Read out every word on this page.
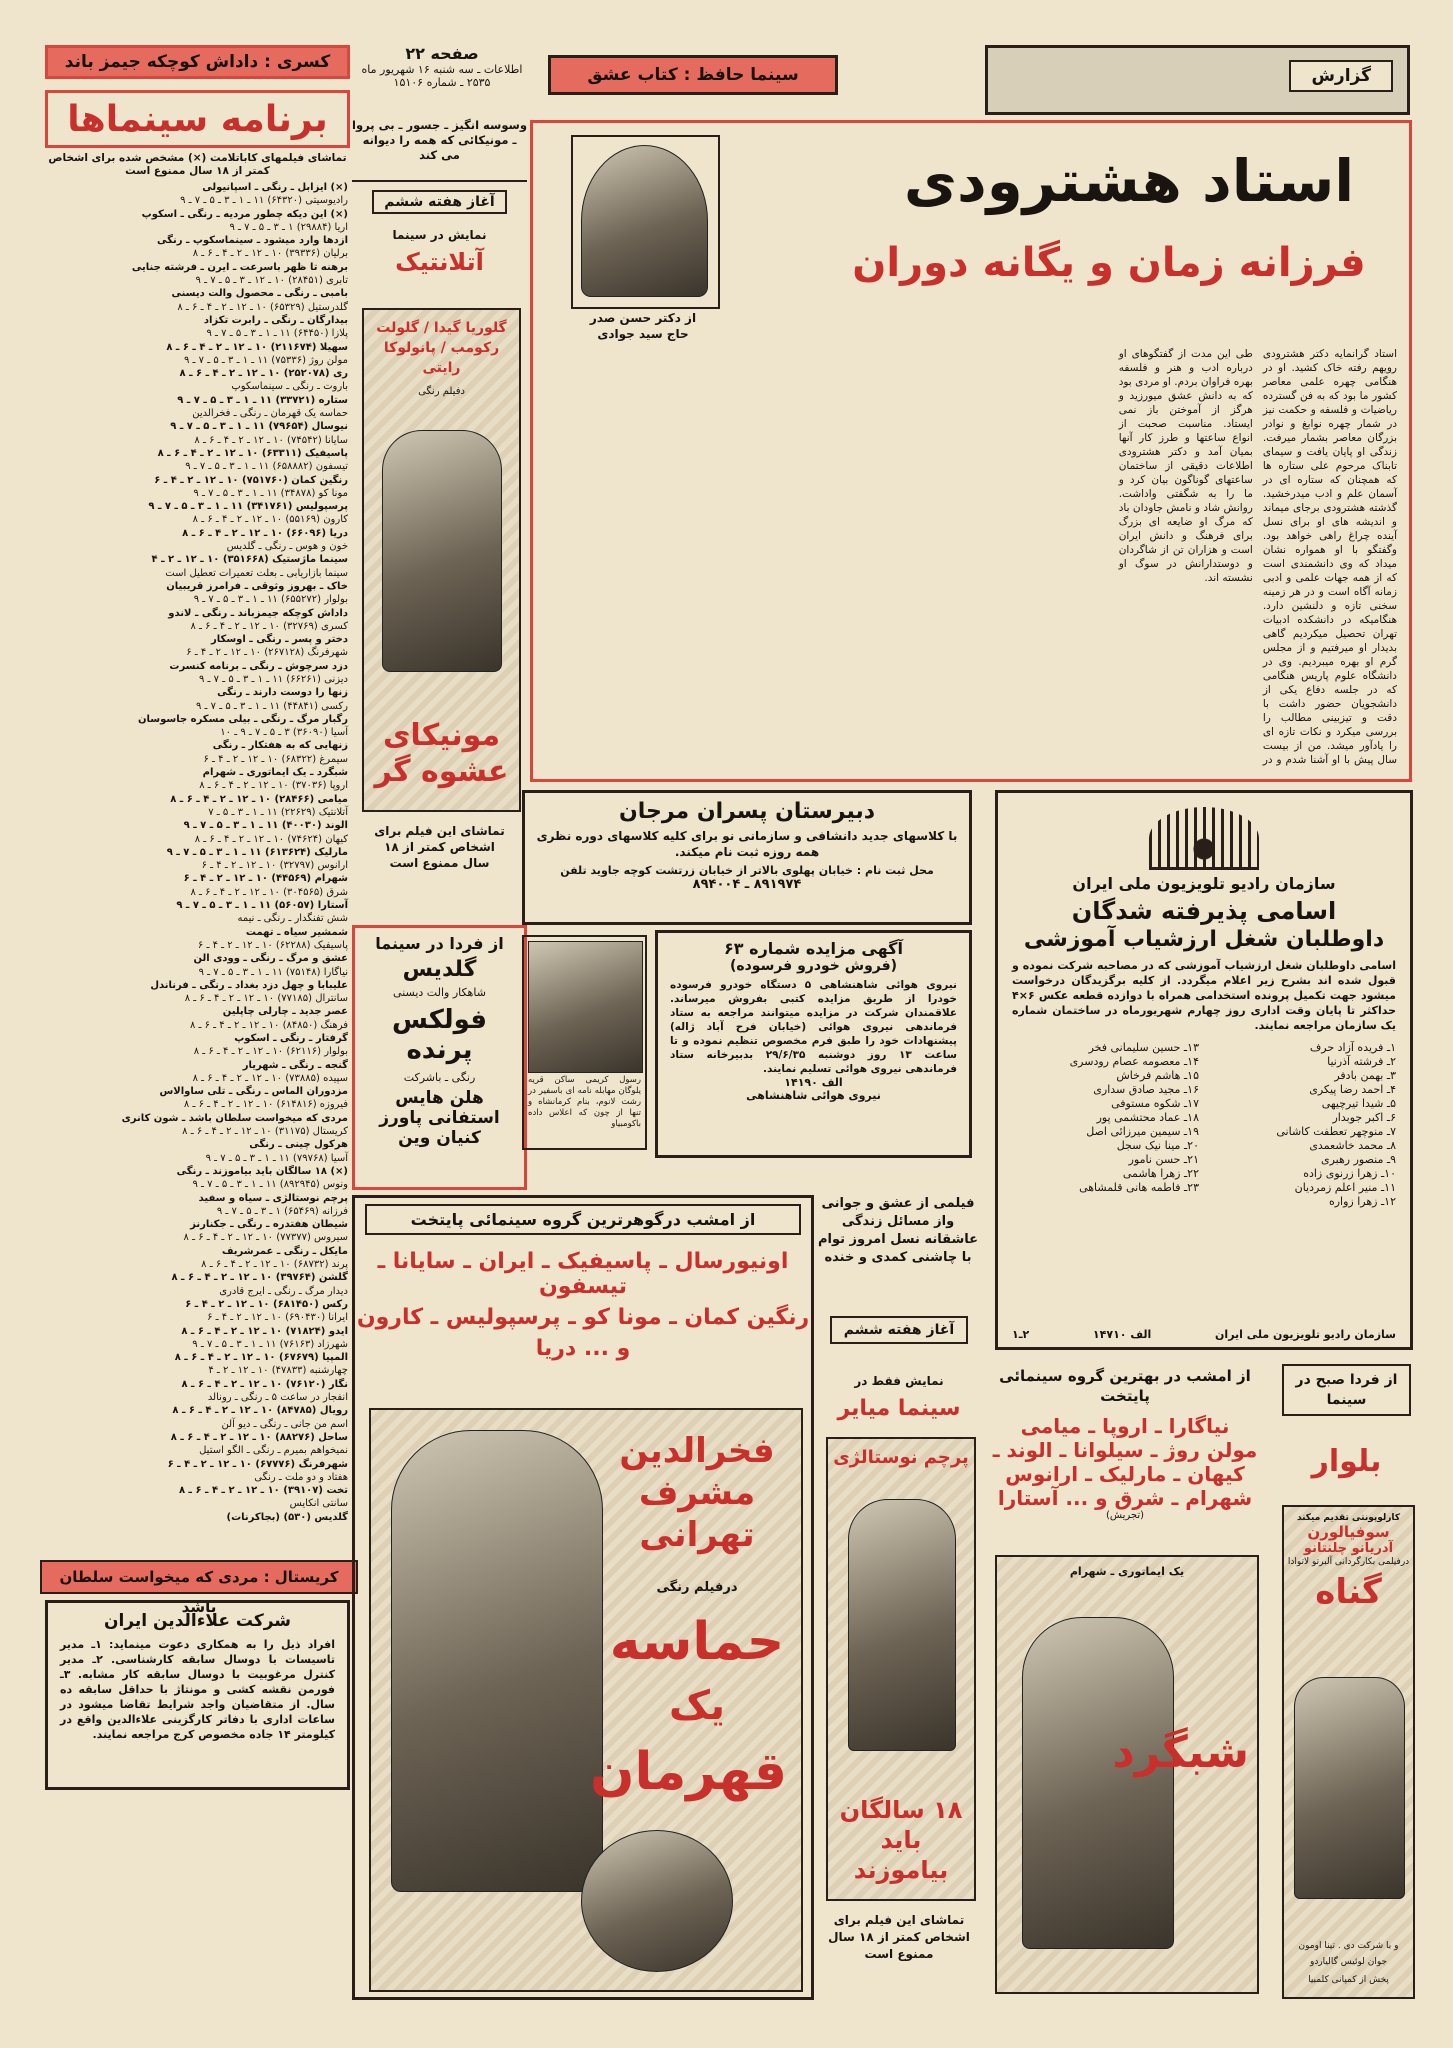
کسری : داداش کوچکه جیمز باند	صفحه ۲۲
اطلاعات ـ سه شنبه ۱۶ شهریور ماه
۲۵۳۵ ـ شماره ۱۵۱۰۶	سینما حافظ : کتاب عشق	گزارش
برنامه سینماها
تماشای فیلمهای کاباتلامت (×) مشخص شده برای اشخاص کمتر از ۱۸ سال ممنوع است
(×) ایزابل ـ رنگی ـ اسپانیولی
رادیوسیتی (۶۴۳۲۰) ۱۱ ـ ۱ ـ ۳ ـ ۵ ـ ۷ ـ ۹
(×) این دیکه چطور مردیه ـ رنگی ـ اسکوپ
اریا (۲۹۸۸۴) ۱ ـ ۳ ـ ۵ ـ ۷ ـ ۹
ازدها وارد میشود ـ سینماسکوپ ـ رنگی
برلیان (۳۹۳۳۶) ۱۰ ـ ۱۲ ـ ۲ ـ ۴ ـ ۶ ـ ۸
برهنه تا ظهر باسرعت ـ ایرن ـ فرشته جنایی
تابری (۲۸۴۵۱) ۱۰ ـ ۱۲ ـ ۳ ـ ۵ ـ ۷ ـ ۹
بامبی ـ رنگی ـ محصول والت دیسنی
گلدرستیل (۶۵۳۲۹) ۱۰ ـ ۱۲ ـ ۲ ـ ۴ ـ ۶ ـ ۸
بیدارگان ـ رنگی ـ رابرت تکزاد
پلازا (۶۴۴۵۰) ۱۱ ـ ۱ ـ ۳ ـ ۵ ـ ۷ ـ ۹
سهیلا (۲۱۱۶۷۴) ۱۰ ـ ۱۲ ـ ۲ ـ ۴ ـ ۶ ـ ۸
مولن روژ (۷۵۳۳۶) ۱۱ ـ ۱ ـ ۳ ـ ۵ ـ ۷ ـ ۹
ری (۲۵۲۰۷۸) ۱۰ ـ ۱۲ ـ ۲ ـ ۴ ـ ۶ ـ ۸
باروت ـ رنگی ـ سینماسکوپ
ستاره (۳۳۷۲۱) ۱۱ ـ ۱ ـ ۳ ـ ۵ ـ ۷ ـ ۹
حماسه یک قهرمان ـ رنگی ـ فخرالدین
نیوسال (۷۹۶۵۴) ۱۱ ـ ۱ ـ ۳ ـ ۵ ـ ۷ ـ ۹
سایانا (۷۴۵۴۲) ۱۰ ـ ۱۲ ـ ۲ ـ ۴ ـ ۶ ـ ۸
پاسیفیک (۶۳۳۱۱) ۱۰ ـ ۱۲ ـ ۲ ـ ۴ ـ ۶ ـ ۸
تیسفون (۶۵۸۸۸۲) ۱۱ ـ ۱ ـ ۳ ـ ۵ ـ ۷ ـ ۹
رنگین کمان (۷۵۱۷۶۰) ۱۰ ـ ۱۲ ـ ۲ ـ ۴ ـ ۶
مونا کو (۳۴۸۷۸) ۱۱ ـ ۱ ـ ۳ ـ ۵ ـ ۷ ـ ۹
پرسپولیس (۳۴۱۷۶۱) ۱۱ ـ ۱ ـ ۳ ـ ۵ ـ ۷ ـ ۹
کارون (۵۵۱۶۹) ۱۰ ـ ۱۲ ـ ۲ ـ ۴ ـ ۶ ـ ۸
دریا (۶۶۰۹۶) ۱۰ ـ ۱۲ ـ ۲ ـ ۴ ـ ۶ ـ ۸
خون و هوس ـ رنگی ـ گلدیس
سینما ماژستیک (۳۵۱۶۶۸) ۱۰ ـ ۱۲ ـ ۲ ـ ۴
سینما بازاریابی ـ بعلت تعمیرات تعطیل است
خاک ـ بهروز وثوقی ـ فرامرز قریبیان
بولوار (۶۵۵۲۷۲) ۱۱ ـ ۱ ـ ۳ ـ ۵ ـ ۷ ـ ۹
داداش کوچکه جیمزباند ـ رنگی ـ لاندو
کسری (۳۲۷۶۹) ۱۰ ـ ۱۲ ـ ۲ ـ ۴ ـ ۶ ـ ۸
دختر و پسر ـ رنگی ـ اوسکار
شهرفرنگ (۲۶۷۱۲۸) ۱۰ ـ ۱۲ ـ ۲ ـ ۴ ـ ۶
دزد سرچوش ـ رنگی ـ برنامه کنسرت
دیزنی (۶۶۲۶۱) ۱۱ ـ ۱ ـ ۳ ـ ۵ ـ ۷ ـ ۹
زنها را دوست دارند ـ رنگی
رکسی (۴۴۸۴۱) ۱۱ ـ ۱ ـ ۳ ـ ۵ ـ ۷ ـ ۹
رگبار مرگ ـ رنگی ـ بیلی مسکره جاسوسان
آسیا (۳۶۰۹۰) ۳ ـ ۵ ـ ۷ ـ ۹ ـ ۱۰
زنهایی که به هفتکار ـ رنگی
سیمرغ (۶۸۳۲۲) ۱۰ ـ ۱۲ ـ ۲ ـ ۴ ـ ۶
شبگرد ـ یک ایماتوری ـ شهرام
اروپا (۳۷۰۳۶) ۱۰ ـ ۱۲ ـ ۲ ـ ۴ ـ ۶ ـ ۸
میامی (۲۸۴۶۶) ۱۰ ـ ۱۲ ـ ۲ ـ ۴ ـ ۶ ـ ۸
آتلانتیک (۲۲۶۲۹) ۱۱ ـ ۱ ـ ۳ ـ ۵ ـ ۷
الوند (۴۰۰۳۰) ۱۱ ـ ۱ ـ ۳ ـ ۵ ـ ۷ ـ ۹
کیهان (۷۴۶۲۴) ۱۰ ـ ۱۲ ـ ۲ ـ ۴ ـ ۶ ـ ۸
مارلیک (۶۱۳۶۲۴) ۱۱ ـ ۱ ـ ۳ ـ ۵ ـ ۷ ـ ۹
ارانوس (۳۲۷۹۷) ۱۰ ـ ۱۲ ـ ۲ ـ ۴ ـ ۶
شهرام (۴۴۵۶۹) ۱۰ ـ ۱۲ ـ ۲ ـ ۴ ـ ۶
شرق (۳۰۴۵۶۵) ۱۰ ـ ۱۲ ـ ۲ ـ ۴ ـ ۶ ـ ۸
آستارا (۵۶۰۵۷) ۱۱ ـ ۱ ـ ۳ ـ ۵ ـ ۷ ـ ۹
شش تفنگدار ـ رنگی ـ نیمه
شمشیر سیاه ـ تهمت
پاسیفیک (۶۲۲۸۸) ۱۰ ـ ۱۲ ـ ۲ ـ ۴ ـ ۶
عشق و مرگ ـ رنگی ـ وودی الن
نیاگارا (۷۵۱۴۸) ۱۱ ـ ۱ ـ ۳ ـ ۵ ـ ۷ ـ ۹
علیبابا و چهل دزد بغداد ـ رنگی ـ فرناندل
سانترال (۷۷۱۸۵) ۱۰ ـ ۱۲ ـ ۲ ـ ۴ ـ ۶ ـ ۸
عصر جدید ـ چارلی چاپلین
فرهنگ (۸۴۸۵۰) ۱۰ ـ ۱۲ ـ ۲ ـ ۴ ـ ۶ ـ ۸
گرفتار ـ رنگی ـ اسکوپ
بولوار (۶۲۱۱۶) ۱۰ ـ ۱۲ ـ ۲ ـ ۴ ـ ۶ ـ ۸
گنجه ـ رنگی ـ شهریار
سپیده (۷۳۸۸۵) ۱۰ ـ ۱۲ ـ ۲ ـ ۴ ـ ۶ ـ ۸
مزدوران الماس ـ رنگی ـ تلی ساوالاس
فیروزه (۶۱۴۸۱۶) ۱۰ ـ ۱۲ ـ ۲ ـ ۴ ـ ۶ ـ ۸
مردی که میخواست سلطان باشد ـ شون کانری
کریستال (۳۱۱۷۵) ۱۰ ـ ۱۲ ـ ۲ ـ ۴ ـ ۶ ـ ۸
هرکول چینی ـ رنگی
آسیا (۷۹۷۶۸) ۱۱ ـ ۱ ـ ۳ ـ ۵ ـ ۷ ـ ۹
(×) ۱۸ سالگان باید بیاموزند ـ رنگی
ونوس (۸۹۲۹۴۵) ۱۱ ـ ۱ ـ ۳ ـ ۵ ـ ۷ ـ ۹
پرچم نوستالژی ـ سیاه و سفید
فرزانه (۶۵۴۶۹) ۱ ـ ۳ ـ ۵ ـ ۷ ـ ۹
شیطان هفتدره ـ رنگی ـ جکنارنز
سیروس (۷۷۳۷۷) ۱۰ ـ ۱۲ ـ ۲ ـ ۴ ـ ۶ ـ ۸
مایکل ـ رنگی ـ عمرشریف
پرند (۶۸۷۳۲) ۱۰ ـ ۱۲ ـ ۲ ـ ۴ ـ ۶ ـ ۸
گلشن (۳۹۷۶۴) ۱۰ ـ ۱۲ ـ ۲ ـ ۴ ـ ۶ ـ ۸
دیدار مرگ ـ رنگی ـ ایرج قادری
رکس (۶۸۱۴۵۰) ۱۰ ـ ۱۲ ـ ۲ ـ ۴ ـ ۶
ایرانا (۶۹۰۴۳۰) ۱۰ ـ ۱۲ ـ ۲ ـ ۴ ـ ۶
ایدو (۷۱۸۲۴) ۱۰ ـ ۱۲ ـ ۲ ـ ۴ ـ ۶ ـ ۸
شهرزاد (۷۶۱۶۳) ۱۱ ـ ۱ ـ ۳ ـ ۵ ـ ۷ ـ ۹
المپیا (۶۷۶۷۹) ۱۰ ـ ۱۲ ـ ۲ ـ ۴ ـ ۶ ـ ۸
چهارشنبه (۴۷۸۳۳) ۱۰ ـ ۱۲ ـ ۲ ـ ۴
نگار (۷۶۱۲۰) ۱۰ ـ ۱۲ ـ ۲ ـ ۴ ـ ۶ ـ ۸
انفجار در ساعت ۵ ـ رنگی ـ رونالد
رویال (۸۴۷۸۵) ۱۰ ـ ۱۲ ـ ۲ ـ ۴ ـ ۶ ـ ۸
اسم من جانی ـ رنگی ـ دیو آلن
ساحل (۸۸۲۷۶) ۱۰ ـ ۱۲ ـ ۲ ـ ۴ ـ ۶ ـ ۸
نمیخواهم بمیرم ـ رنگی ـ الگو استیل
شهرفرنگ (۶۷۷۷۶) ۱۰ ـ ۱۲ ـ ۲ ـ ۴ ـ ۶
هفتاد و دو ملت ـ رنگی
تخت (۳۹۱۰۷) ۱۰ ـ ۱۲ ـ ۲ ـ ۴ ـ ۶ ـ ۸
سانتی انکایس
گلدیس (۵۳۰) (بجاکرنات)
کریستال : مردی که میخواست سلطان باشد
شرکت علاءالدین ایران
افراد ذیل را به همکاری دعوت مینماید: ۱ـ مدیر تاسیسات با دوسال سابقه کارشناسی. ۲ـ مدیر کنترل مرغوبیت با دوسال سابقه کار مشابه. ۳ـ فورمن نقشه کشی و مونتاژ با حداقل سابقه ده سال. از متقاضیان واجد شرایط تقاضا میشود در ساعات اداری با دفاتر کارگزینی علاءالدین واقع در کیلومتر ۱۴ جاده مخصوص کرج مراجعه نمایند.
وسوسه انگیز ـ جسور ـ بی پروا ـ مونیکائی که همه را دیوانه می کند
آغاز هفته ششم
نمایش در سینما
آتلانتیک
گلوریا گیدا / گلولت رکومب / پانولوکا رایتی
دفیلم رنگی
مونیکای عشوه گر
تماشای این فیلم برای اشخاص کمتر از ۱۸ سال ممنوع است
از فردا در سینما
گلدیس
شاهکار والت دیسنی
فولکس پرنده
رنگی ـ باشرکت
هلن هایس
استفانی پاورز
کنیان وین
استاد هشترودی
فرزانه زمان و یگانه دوران
از دکتر حسن صدر
حاج سید جوادی
استاد گرانمایه دکتر هشترودی رویهم رفته خاک کشید. او در هنگامی چهره علمی معاصر کشور ما بود که به فن گسترده ریاضیات و فلسفه و حکمت نیز در شمار چهره نوابغ و نوادر بزرگان معاصر بشمار میرفت. زندگی او پایان یافت و سیمای تابناک مرحوم علی ستاره ها که همچنان که ستاره ای در آسمان علم و ادب میدرخشید. گذشته هشترودی برجای میماند و اندیشه های او برای نسل آینده چراغ راهی خواهد بود. وگفتگو با او همواره نشان میداد که وی دانشمندی است که از همه جهات علمی و ادبی زمانه آگاه است و در هر زمینه سخنی تازه و دلنشین دارد. هنگامیکه در دانشکده ادبیات تهران تحصیل میکردیم گاهی بدیدار او میرفتیم و از مجلس گرم او بهره میبردیم. وی در دانشگاه علوم پاریس هنگامی که در جلسه دفاع یکی از دانشجویان حضور داشت با دقت و تیزبینی مطالب را بررسی میکرد و نکات تازه ای را یادآور میشد. من از بیست سال پیش با او آشنا شدم و در طی این مدت از گفتگوهای او درباره ادب و هنر و فلسفه بهره فراوان بردم. او مردی بود که به دانش عشق میورزید و هرگز از آموختن باز نمی ایستاد. مناسبت صحبت از انواع ساعتها و طرز کار آنها بمیان آمد و دکتر هشترودی اطلاعات دقیقی از ساختمان ساعتهای گوناگون بیان کرد و ما را به شگفتی واداشت. روانش شاد و نامش جاودان باد که مرگ او ضایعه ای بزرگ برای فرهنگ و دانش ایران است و هزاران تن از شاگردان و دوستدارانش در سوگ او نشسته اند.
دبیرستان پسران مرجان
با کلاسهای جدید دانشافی و سازمانی نو برای کلیه کلاسهای دوره نظری همه روزه ثبت نام میکند.
محل ثبت نام : خیابان پهلوی بالاتر از خیابان زرتشت کوچه جاوید تلفن
۸۹۱۹۷۴ ـ ۸۹۴۰۰۴
رسول کریمی ساکن قریه یلوگان مهابله نامه ای باسفیر در رشت لانوم، بنام کرمانشاه و تنها از چون که اعلاس داده باکومبیاو
آگهی مزایده شماره ۶۳
(فروش خودرو فرسوده)
نیروی هوائی شاهنشاهی ۵ دستگاه خودرو فرسوده خودرا از طریق مزایده کتبی بفروش میرساند. علاقمندان شرکت در مزایده میتوانند مراجعه به ستاد فرماندهی نیروی هوائی (خیابان فرح آباد ژاله) پیشنهادات خود را طبق فرم مخصوص تنظیم نموده و تا ساعت ۱۳ روز دوشنبه ۲۹/۶/۳۵ بدبیرخانه ستاد فرماندهی نیروی هوائی تسلیم نمایند.
الف ۱۴۱۹۰
نیروی هوائی شاهنشاهی
سازمان رادیو تلویزیون ملی ایران
اسامی پذیرفته شدگان
داوطلبان شغل ارزشیاب آموزشی
اسامی داوطلبان شغل ارزشیاب آموزشی که در مصاحبه شرکت نموده و قبول شده اند بشرح زیر اعلام میگردد. از کلیه برگزیدگان درخواست میشود جهت تکمیل پرونده استخدامی همراه با دوازده قطعه عکس ۶×۴ حداکثر تا پایان وقت اداری روز چهارم شهریورماه در ساختمان شماره یک سازمان مراجعه نمایند.
۱ـ فریده آزاد حرف
۲ـ فرشته آذرنیا
۳ـ بهمن بادفر
۴ـ احمد رضا پیکری
۵ـ شیدا تیرچیهی
۶ـ اکبر جوبدار
۷ـ منوچهر تعطفت کاشانی
۸ـ محمد خاشعمدی
۹ـ منصور رهبری
۱۰ـ زهرا زرنوی زاده
۱۱ـ منیر اعلم زمردیان
۱۲ـ زهرا زواره
۱۳ـ حسین سلیمانی فخر
۱۴ـ معصومه عصام رودسری
۱۵ـ هاشم فرخاش
۱۶ـ مجید صادق سداری
۱۷ـ شکوه مستوفی
۱۸ـ عماد محتشمی پور
۱۹ـ سیمین میرزائی اصل
۲۰ـ مینا نیک سجل
۲۱ـ حسن نامور
۲۲ـ زهرا هاشمی
۲۳ـ فاطمه هانی قلمشاهی
سازمان رادیو تلویزیون ملی ایران
الف ۱۴۷۱۰
۲ـ۱
از امشب درگوهرترین گروه سینمائی پایتخت
اونیورسال ـ پاسیفیک ـ ایران ـ سایانا ـ تیسفون
رنگین کمان ـ مونا کو ـ پرسپولیس ـ کارون
و ... دریا
فخرالدین مشرف تهرانی
درفیلم رنگی
حماسه
یک
قهرمان
فیلمی از عشق و جوانی واز مسائل زندگی عاشقانه نسل امروز توام با چاشنی کمدی و خنده
آغاز هفته ششم
نمایش فقط در
سینما میایر
پرچم نوستالژی
۱۸ سالگان باید بیاموزند
تماشای این فیلم برای اشخاص کمتر از ۱۸ سال ممنوع است
از امشب در بهترین گروه سینمائی پایتخت
نیاگارا ـ اروپا ـ میامی
مولن روژ ـ سیلوانا ـ الوند ـ
کیهان ـ مارلیک ـ ارانوس
شهرام ـ شرق و ... آستارا
(تجریش)
یک ایماتوری ـ شهرام
شبگرد
از فردا صبح در سینما
بلوار
کارلوپونتی تقدیم میکند
سوفیالورن
آدریانو چلنتانو
درفیلمی بکارگردانی آلبرتو لاتوادا
گناه
و با شرکت دی . تینا اومون
جوان لوئیس گالیاردو
پخش از کمپانی کلمبیا
